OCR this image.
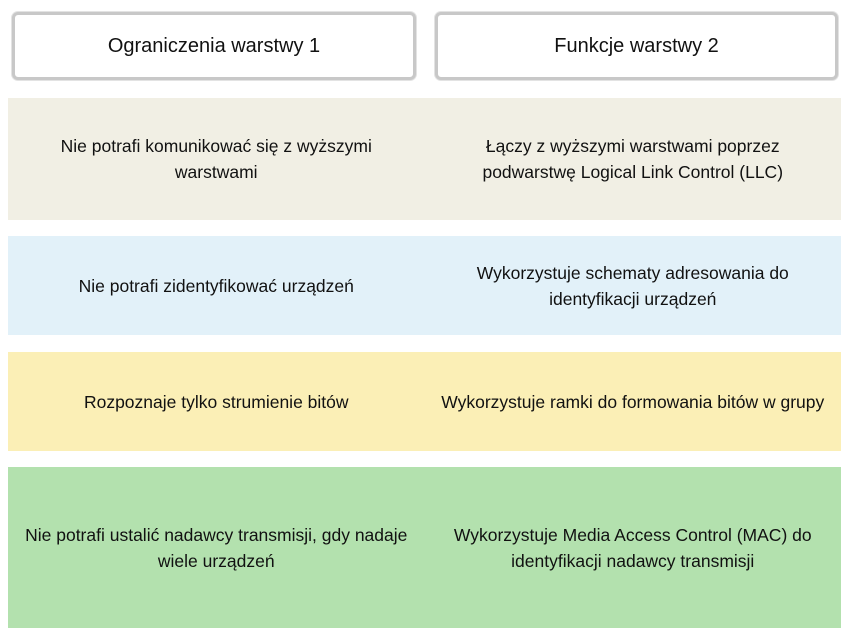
Ograniczenia warstwy 1	Funkcje warstwy 2
Nie potrafi komunikować się z wyższymi warstwami
Łączy z wyższymi warstwami poprzez podwarstwę Logical Link Control (LLC)
Nie potrafi zidentyfikować urządzeń
Wykorzystuje schematy adresowania do identyfikacji urządzeń
Rozpoznaje tylko strumienie bitów	Wykorzystuje ramki do formowania bitów w grupy
Nie potrafi ustalić nadawcy transmisji, gdy nadaje wiele urządzeń
Wykorzystuje Media Access Control (MAC) do identyfikacji nadawcy transmisji
